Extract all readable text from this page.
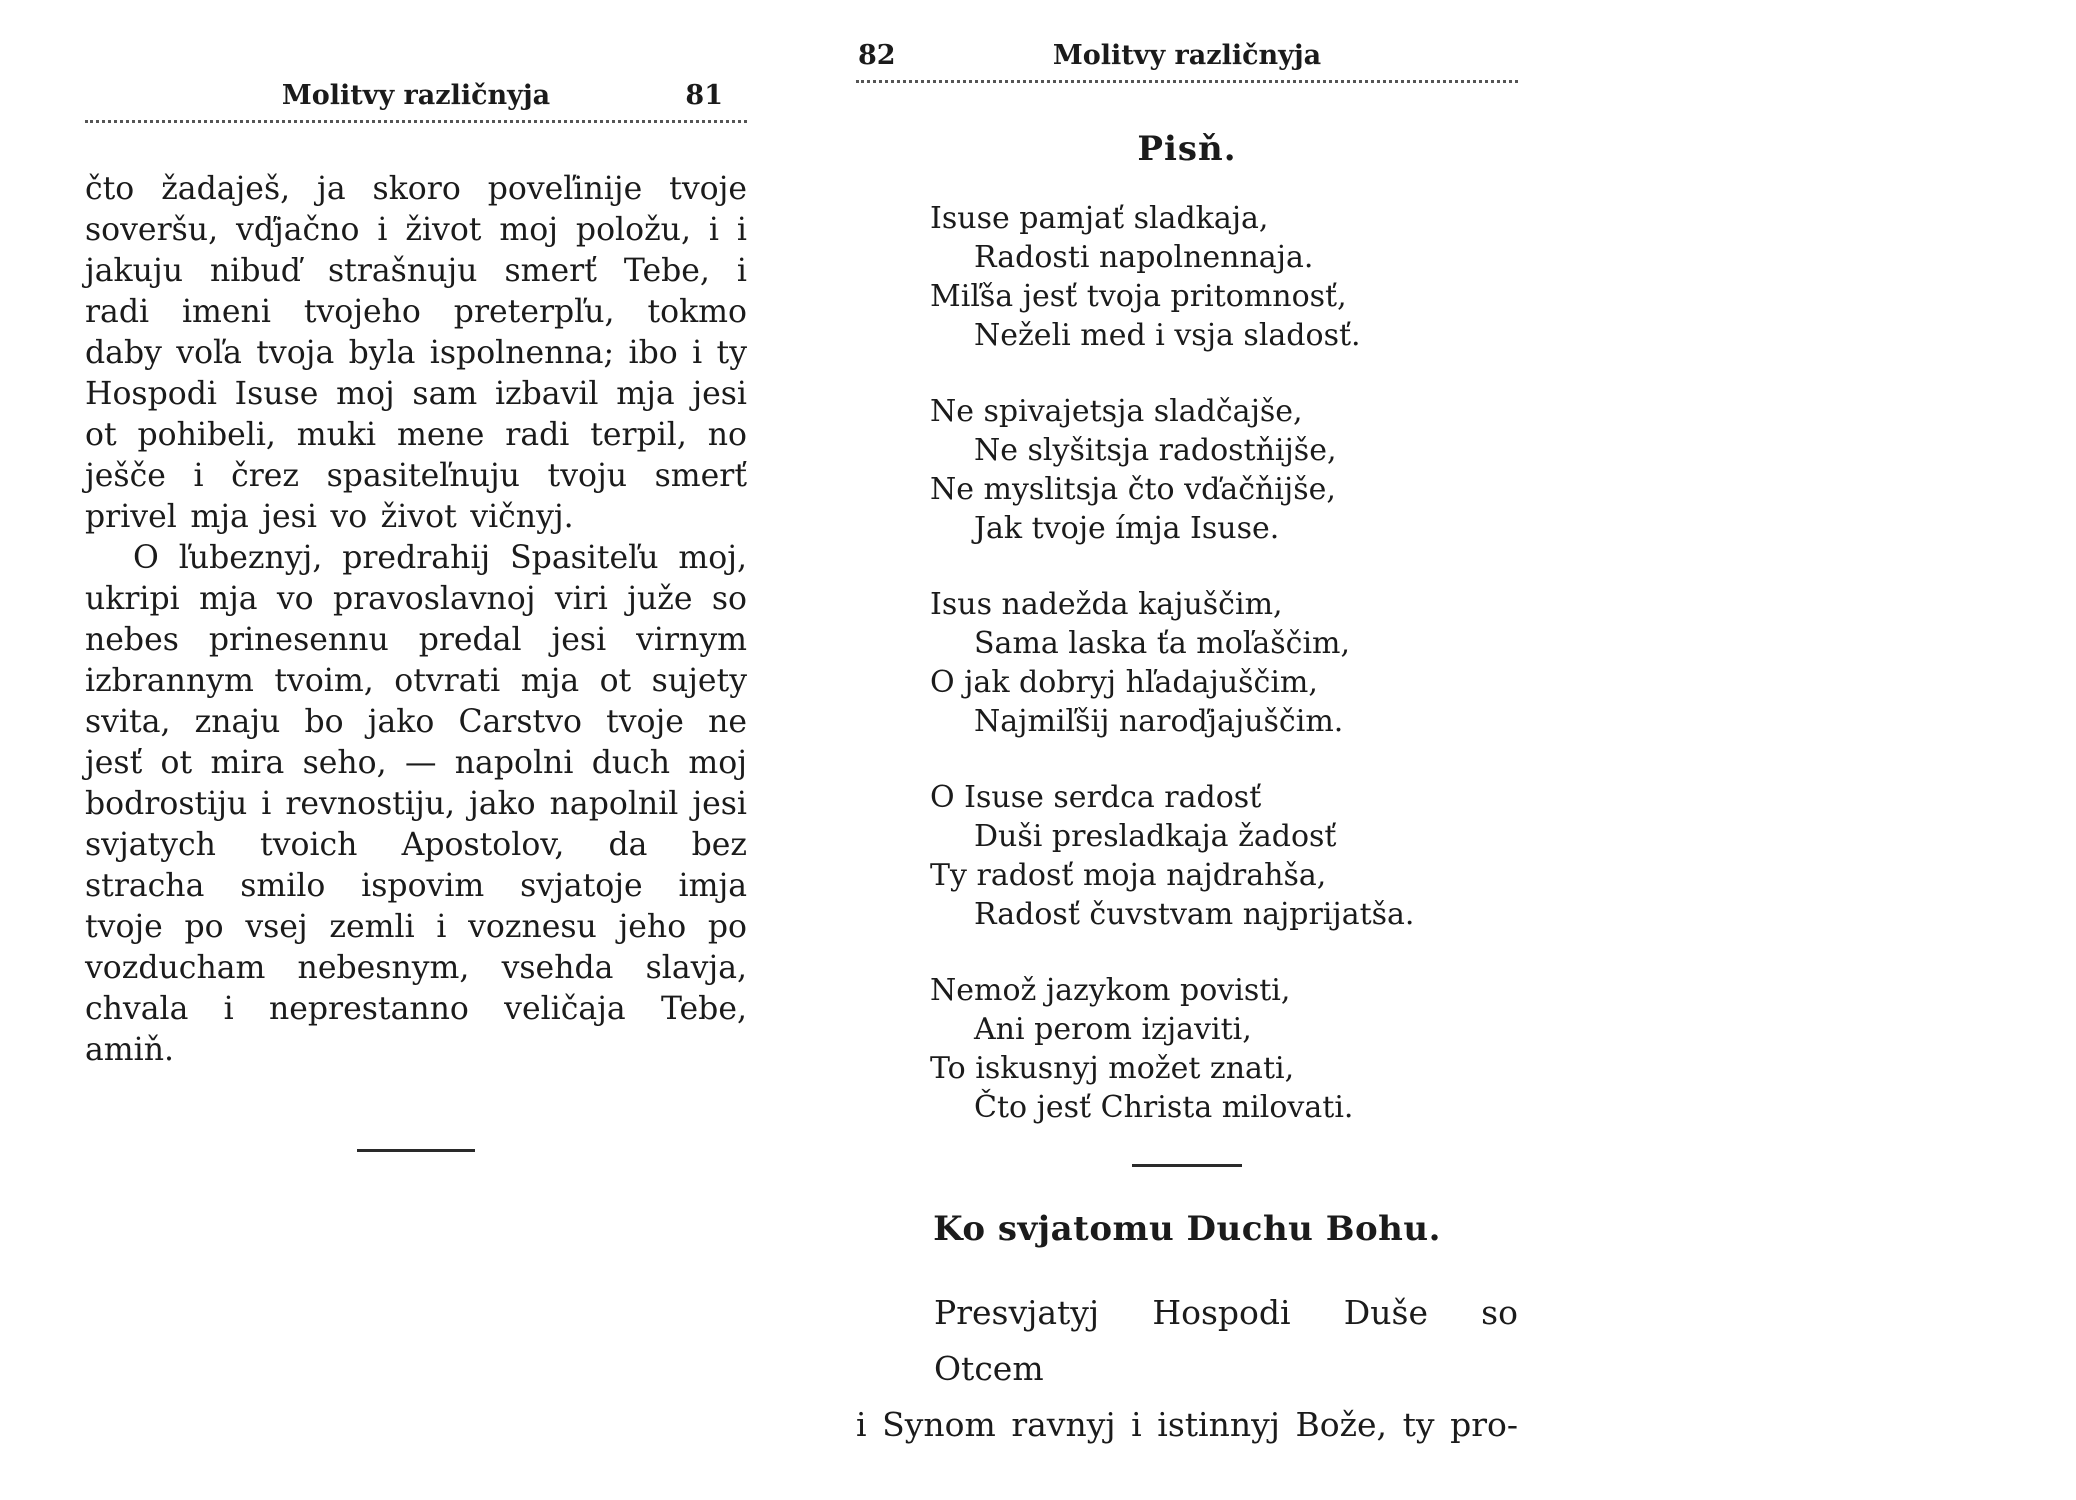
Molitvy različnyja	81

čto žadaješ, ja skoro poveľinije tvoje soveršu, vďjačno i život moj položu, i i jakuju nibuď strašnuju smerť Tebe, i radi imeni tvojeho preterpľu, tokmo daby voľa tvoja byla ispolnenna; ibo i ty Hospodi Isuse moj sam izbavil mja jesi ot pohibeli, muki mene radi terpil, no ješče i črez spasiteľnuju tvoju smerť privel mja jesi vo život vičnyj.

O ľubeznyj, predrahij Spasiteľu moj, ukripi mja vo pravoslavnoj viri juže so nebes prinesennu predal jesi virnym izbrannym tvoim, otvrati mja ot sujety svita, znaju bo jako Carstvo tvoje ne jesť ot mira seho, — napolni duch moj bodrostiju i revnostiju, jako napolnil jesi svjatych tvoich Apostolov, da bez stracha smilo ispovim svjatoje imja tvoje po vsej zemli i voznesu jeho po vozducham nebesnym, vsehda slavja, chvala i neprestanno veličaja Tebe, amiň.

82	Molitvy različnyja
Pisň.
Isuse pamjať sladkaja,
Radosti napolnennaja.
Miľša jesť tvoja pritomnosť,
Neželi med i vsja sladosť.
Ne spivajetsja sladčajše,
Ne slyšitsja radostňijše,
Ne myslitsja čto vďačňijše,
Jak tvoje ímja Isuse.
Isus nadežda kajuščim,
Sama laska ťa moľaščim,
O jak dobryj hľadajuščim,
Najmiľšij naroďjajuščim.
O Isuse serdca radosť
Duši presladkaja žadosť
Ty radosť moja najdrahša,
Radosť čuvstvam najprijatša.
Nemož jazykom povisti,
Ani perom izjaviti,
To iskusnyj možet znati,
Čto jesť Christa milovati.
Ko svjatomu Duchu Bohu.
Presvjatyj Hospodi Duše so Otcem
i Synom ravnyj i istinnyj Bože, ty pro-
